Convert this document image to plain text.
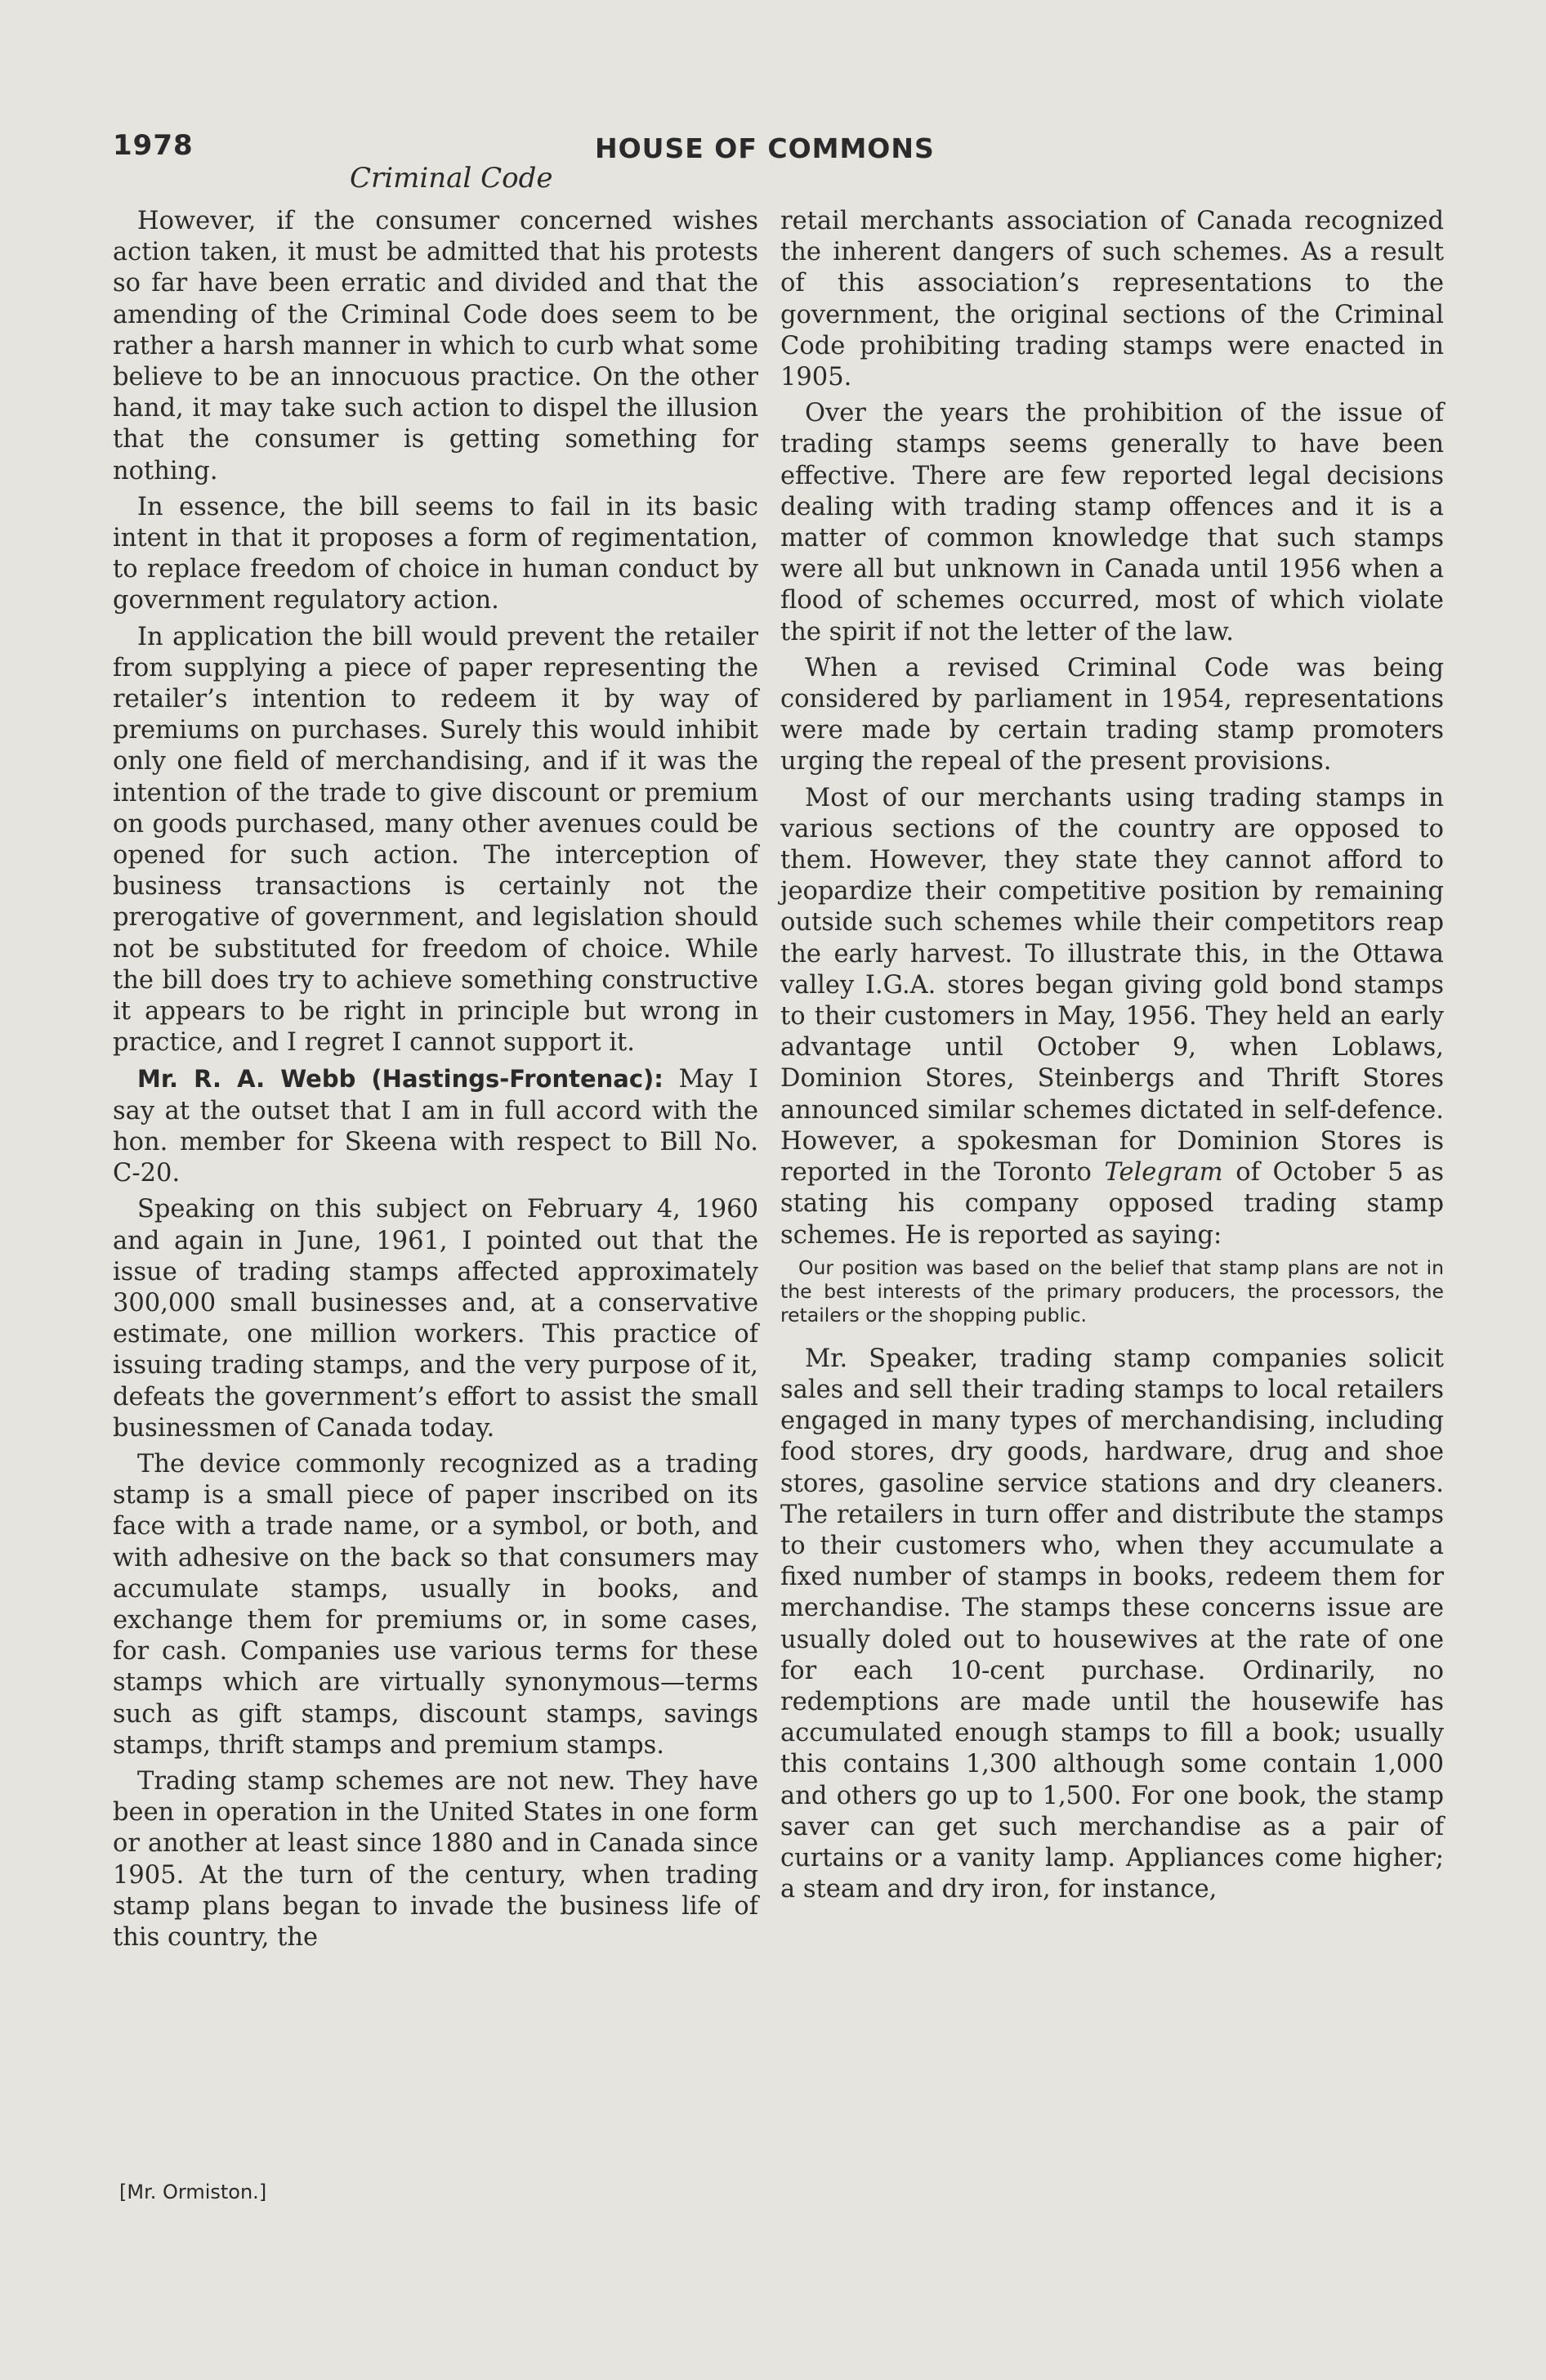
1978	HOUSE OF COMMONS
Criminal Code

However, if the consumer concerned wishes action taken, it must be admitted that his protests so far have been erratic and divided and that the amending of the Criminal Code does seem to be rather a harsh manner in which to curb what some believe to be an innocuous practice. On the other hand, it may take such action to dispel the illusion that the consumer is getting something for nothing.

In essence, the bill seems to fail in its basic intent in that it proposes a form of regimentation, to replace freedom of choice in human conduct by government regulatory action.

In application the bill would prevent the retailer from supplying a piece of paper representing the retailer’s intention to redeem it by way of premiums on purchases. Surely this would inhibit only one field of merchandising, and if it was the intention of the trade to give discount or premium on goods purchased, many other avenues could be opened for such action. The interception of business transactions is certainly not the prerogative of government, and legislation should not be substituted for freedom of choice. While the bill does try to achieve something constructive it appears to be right in principle but wrong in practice, and I regret I cannot support it.

Mr. R. A. Webb (Hastings-Frontenac): May I say at the outset that I am in full accord with the hon. member for Skeena with respect to Bill No. C-20.

Speaking on this subject on February 4, 1960 and again in June, 1961, I pointed out that the issue of trading stamps affected approximately 300,000 small businesses and, at a conservative estimate, one million workers. This practice of issuing trading stamps, and the very purpose of it, defeats the government’s effort to assist the small businessmen of Canada today.

The device commonly recognized as a trading stamp is a small piece of paper inscribed on its face with a trade name, or a symbol, or both, and with adhesive on the back so that consumers may accumulate stamps, usually in books, and exchange them for premiums or, in some cases, for cash. Companies use various terms for these stamps which are virtually synonymous—terms such as gift stamps, discount stamps, savings stamps, thrift stamps and premium stamps.

Trading stamp schemes are not new. They have been in operation in the United States in one form or another at least since 1880 and in Canada since 1905. At the turn of the century, when trading stamp plans began to invade the business life of this country, the

retail merchants association of Canada recognized the inherent dangers of such schemes. As a result of this association’s representations to the government, the original sections of the Criminal Code prohibiting trading stamps were enacted in 1905.

Over the years the prohibition of the issue of trading stamps seems generally to have been effective. There are few reported legal decisions dealing with trading stamp offences and it is a matter of common knowledge that such stamps were all but unknown in Canada until 1956 when a flood of schemes occurred, most of which violate the spirit if not the letter of the law.

When a revised Criminal Code was being considered by parliament in 1954, representations were made by certain trading stamp promoters urging the repeal of the present provisions.

Most of our merchants using trading stamps in various sections of the country are opposed to them. However, they state they cannot afford to jeopardize their competitive position by remaining outside such schemes while their competitors reap the early harvest. To illustrate this, in the Ottawa valley I.G.A. stores began giving gold bond stamps to their customers in May, 1956. They held an early advantage until October 9, when Loblaws, Dominion Stores, Steinbergs and Thrift Stores announced similar schemes dictated in self-defence. However, a spokesman for Dominion Stores is reported in the Toronto Telegram of October 5 as stating his company opposed trading stamp schemes. He is reported as saying:

Our position was based on the belief that stamp plans are not in the best interests of the primary producers, the processors, the retailers or the shopping public.

Mr. Speaker, trading stamp companies solicit sales and sell their trading stamps to local retailers engaged in many types of merchandising, including food stores, dry goods, hardware, drug and shoe stores, gasoline service stations and dry cleaners. The retailers in turn offer and distribute the stamps to their customers who, when they accumulate a fixed number of stamps in books, redeem them for merchandise. The stamps these concerns issue are usually doled out to housewives at the rate of one for each 10-cent purchase. Ordinarily, no redemptions are made until the housewife has accumulated enough stamps to fill a book; usually this contains 1,300 although some contain 1,000 and others go up to 1,500. For one book, the stamp saver can get such merchandise as a pair of curtains or a vanity lamp. Appliances come higher; a steam and dry iron, for instance,

[Mr. Ormiston.]
